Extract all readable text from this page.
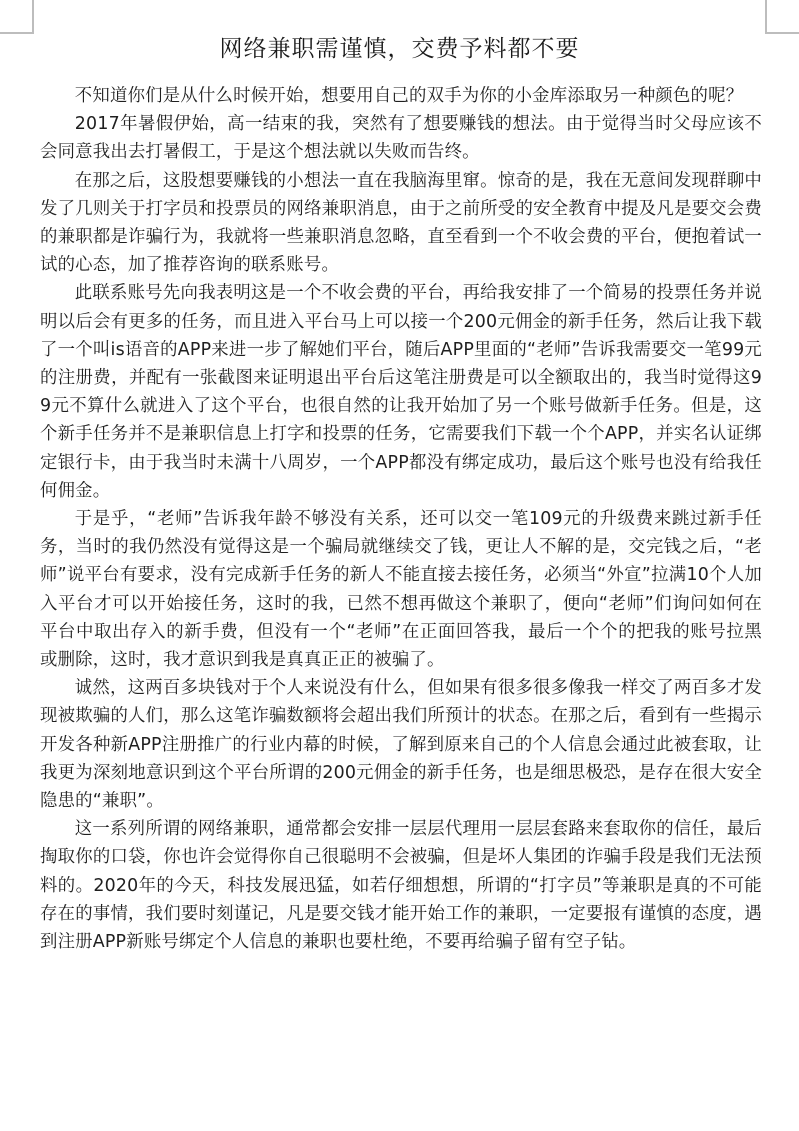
网络兼职需谨慎，交费予料都不要

不知道你们是从什么时候开始，想要用自己的双手为你的小金库添取另一种颜色的呢？

2017年暑假伊始，高一结束的我，突然有了想要赚钱的想法。由于觉得当时父母应该不会同意我出去打暑假工，于是这个想法就以失败而告终。

在那之后，这股想要赚钱的小想法一直在我脑海里窜。惊奇的是，我在无意间发现群聊中发了几则关于打字员和投票员的网络兼职消息，由于之前所受的安全教育中提及凡是要交会费的兼职都是诈骗行为，我就将一些兼职消息忽略，直至看到一个不收会费的平台，便抱着试一试的心态，加了推荐咨询的联系账号。

此联系账号先向我表明这是一个不收会费的平台，再给我安排了一个简易的投票任务并说明以后会有更多的任务，而且进入平台马上可以接一个200元佣金的新手任务，然后让我下载了一个叫is语音的APP来进一步了解她们平台，随后APP里面的“老师”告诉我需要交一笔99元的注册费，并配有一张截图来证明退出平台后这笔注册费是可以全额取出的，我当时觉得这99元不算什么就进入了这个平台，也很自然的让我开始加了另一个账号做新手任务。但是，这个新手任务并不是兼职信息上打字和投票的任务，它需要我们下载一个个APP，并实名认证绑定银行卡，由于我当时未满十八周岁，一个APP都没有绑定成功，最后这个账号也没有给我任何佣金。

于是乎，“老师”告诉我年龄不够没有关系，还可以交一笔109元的升级费来跳过新手任务，当时的我仍然没有觉得这是一个骗局就继续交了钱，更让人不解的是，交完钱之后，“老师”说平台有要求，没有完成新手任务的新人不能直接去接任务，必须当“外宣”拉满10个人加入平台才可以开始接任务，这时的我，已然不想再做这个兼职了，便向“老师”们询问如何在平台中取出存入的新手费，但没有一个“老师”在正面回答我，最后一个个的把我的账号拉黑或删除，这时，我才意识到我是真真正正的被骗了。

诚然，这两百多块钱对于个人来说没有什么，但如果有很多很多像我一样交了两百多才发现被欺骗的人们，那么这笔诈骗数额将会超出我们所预计的状态。在那之后，看到有一些揭示开发各种新APP注册推广的行业内幕的时候，了解到原来自己的个人信息会通过此被套取，让我更为深刻地意识到这个平台所谓的200元佣金的新手任务，也是细思极恐，是存在很大安全隐患的“兼职”。

这一系列所谓的网络兼职，通常都会安排一层层代理用一层层套路来套取你的信任，最后掏取你的口袋，你也许会觉得你自己很聪明不会被骗，但是坏人集团的诈骗手段是我们无法预料的。2020年的今天，科技发展迅猛，如若仔细想想，所谓的“打字员”等兼职是真的不可能存在的事情，我们要时刻谨记，凡是要交钱才能开始工作的兼职，一定要报有谨慎的态度，遇到注册APP新账号绑定个人信息的兼职也要杜绝，不要再给骗子留有空子钻。
